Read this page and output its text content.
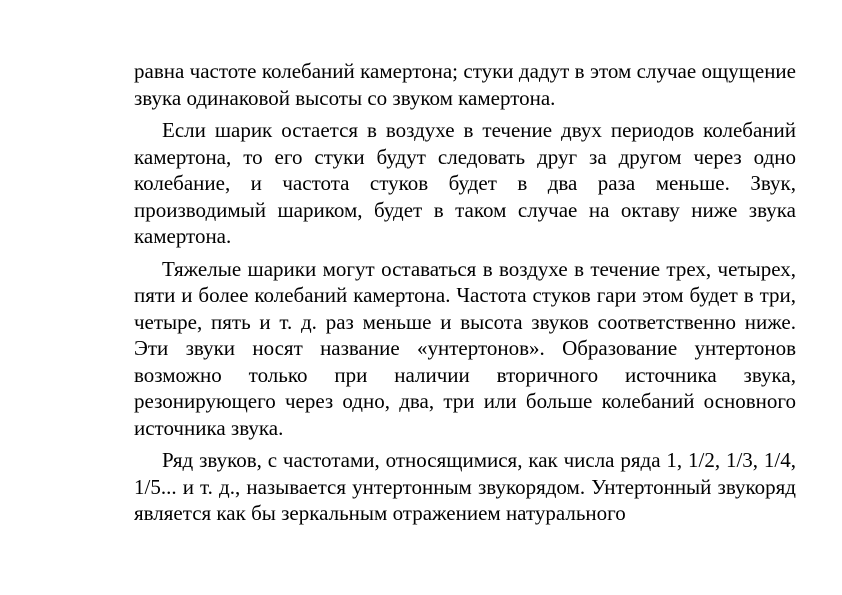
равна частоте колебаний камертона; стуки дадут в этом случае ощущение звука одинаковой высоты со звуком камертона.

Если шарик остается в воздухе в течение двух периодов колебаний камертона, то его стуки будут следовать друг за другом через одно колебание, и частота стуков будет в два раза меньше. Звук, производимый шариком, будет в таком случае на октаву ниже звука камертона.

Тяжелые шарики могут оставаться в воздухе в течение трех, четырех, пяти и более колебаний камертона. Частота стуков гари этом будет в три, четыре, пять и т. д. раз меньше и высота звуков соответственно ниже. Эти звуки носят название «унтертонов». Образование унтертонов возможно только при наличии вторичного источника звука, резонирующего через одно, два, три или больше колебаний основного источника звука.

Ряд звуков, с частотами, относящимися, как числа ряда 1, 1/2, 1/3, 1/4, 1/5... и т. д., называется унтертонным звукорядом. Унтертонный звукоряд является как бы зеркальным отражением натурального
